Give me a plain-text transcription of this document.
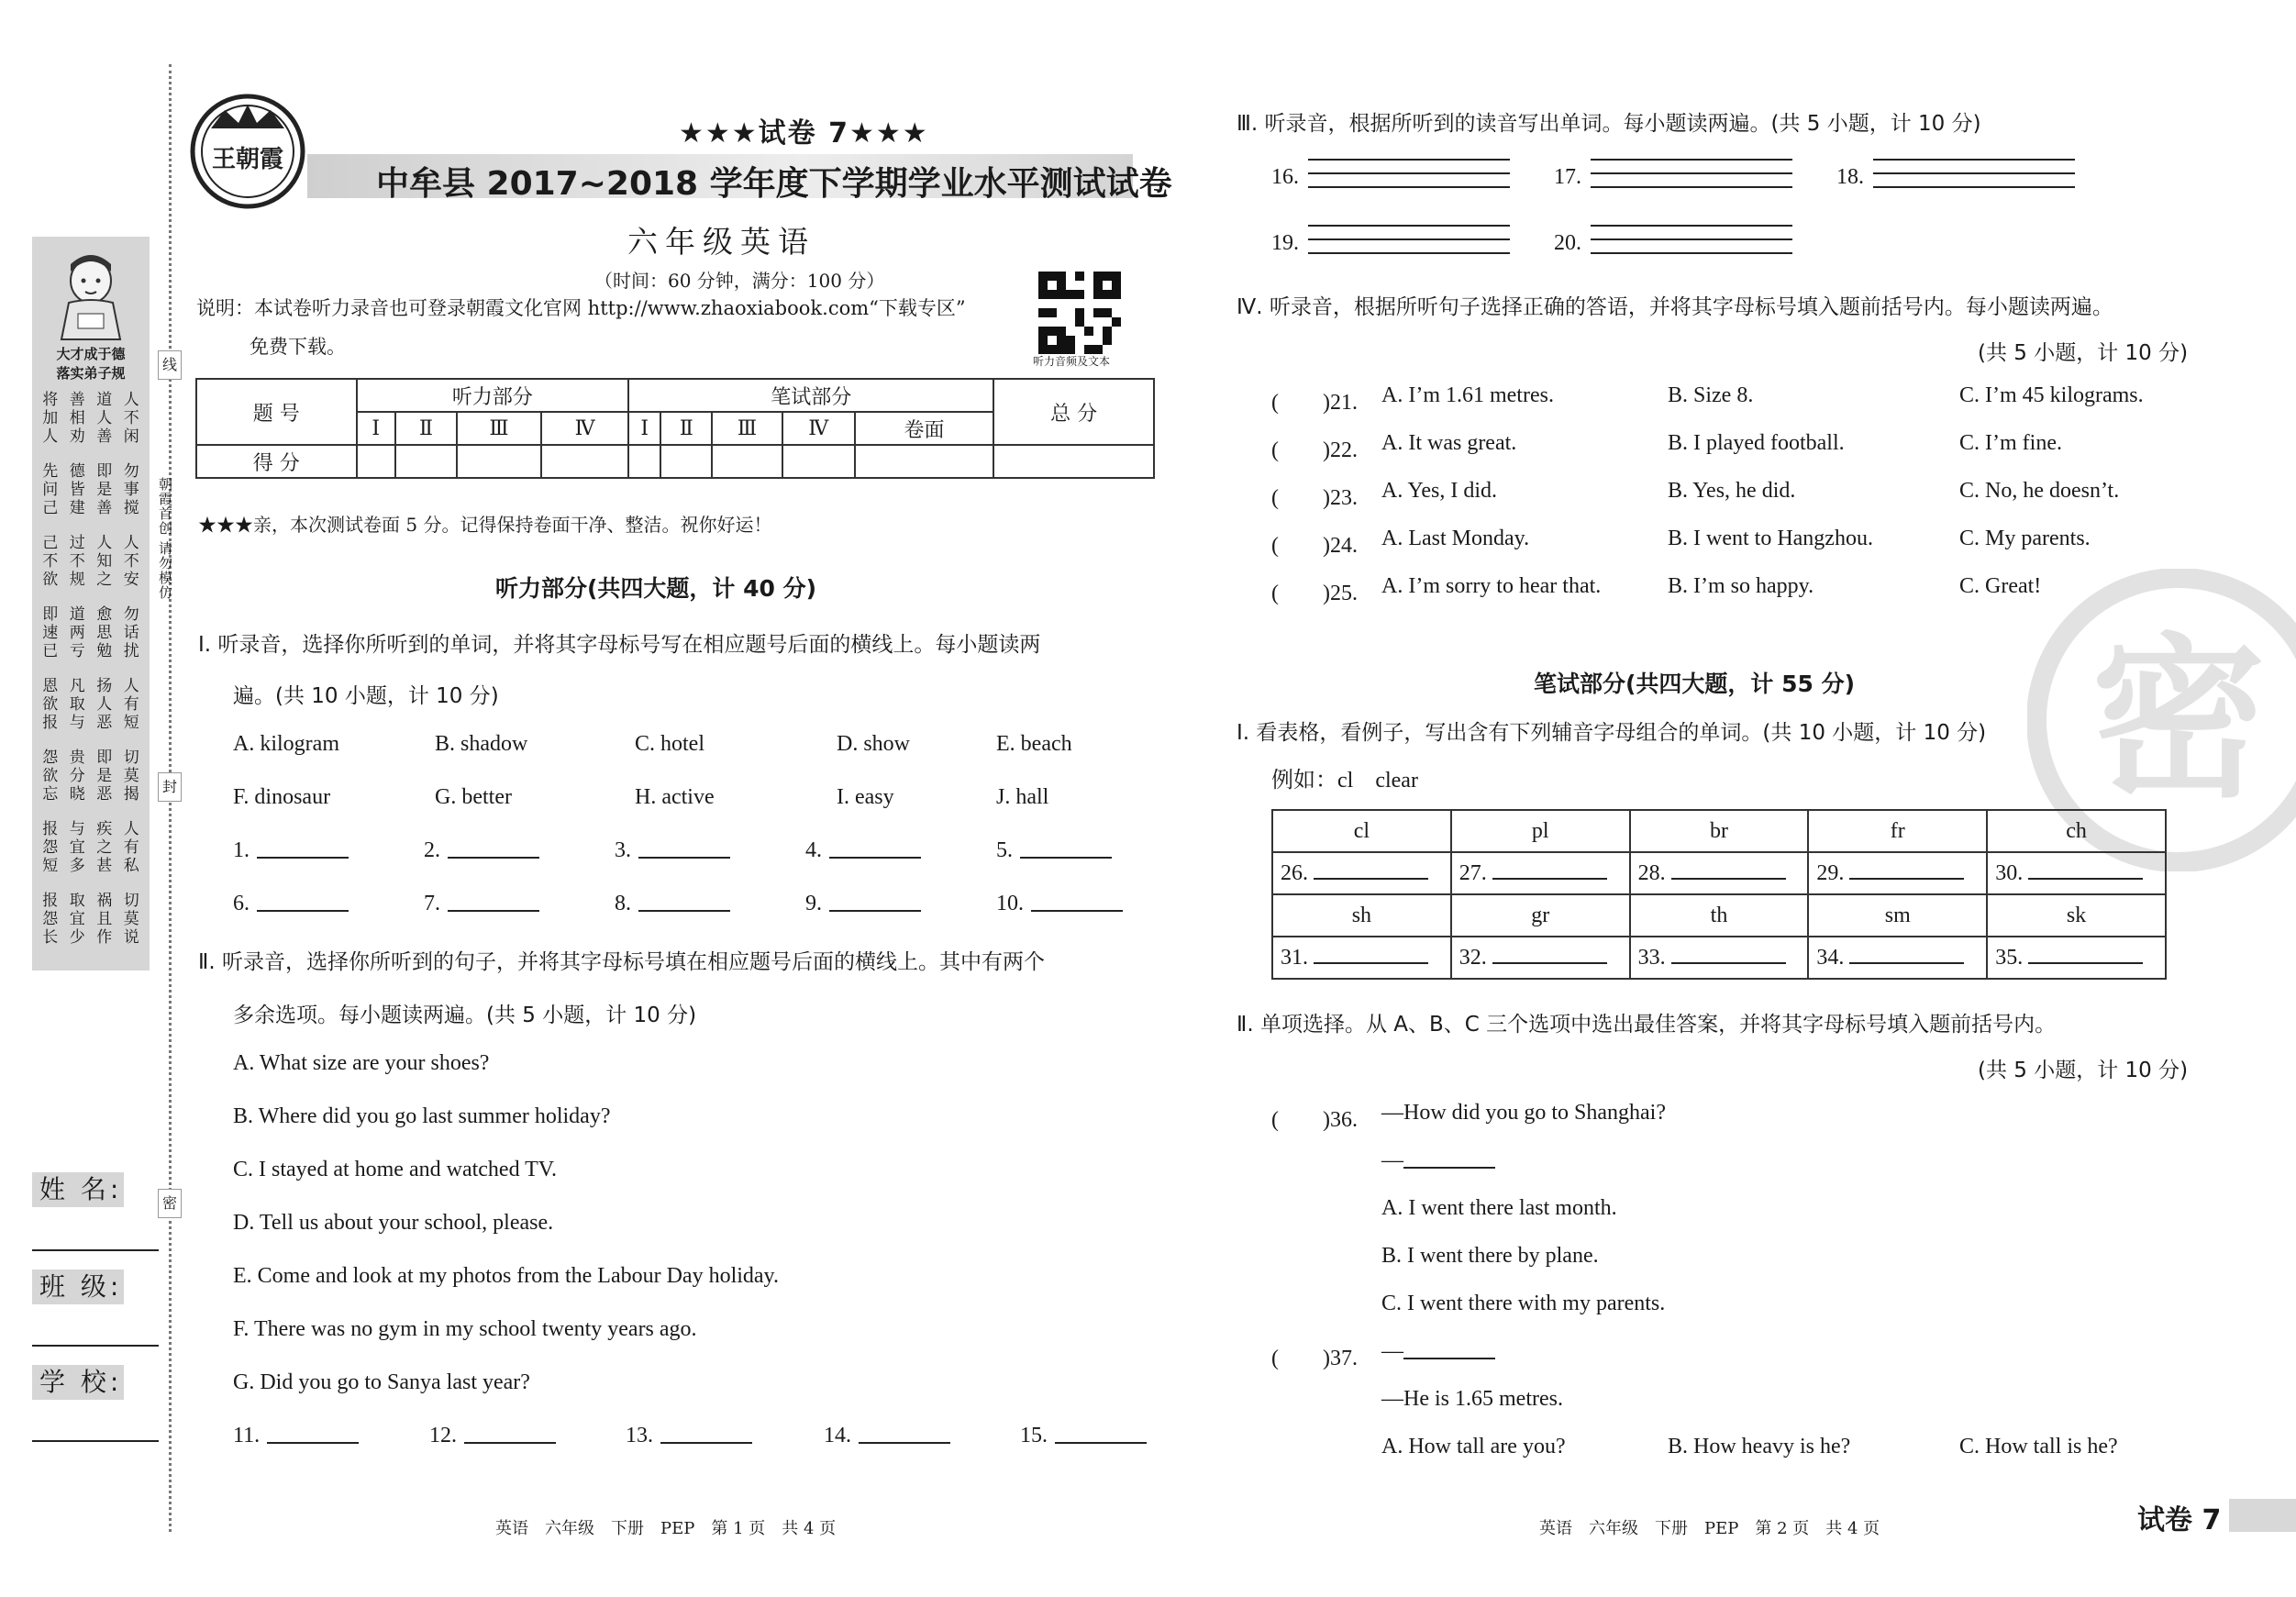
大才成于德
落实弟子规
将 善 道 人
加 相 人 不
人 劝 善 闲
先 德 即 勿
问 皆 是 事
己 建 善 搅
己 过 人 人
不 不 知 不
欲 规 之 安
即 道 愈 勿
速 两 思 话
已 亏 勉 扰
恩 凡 扬 人
欲 取 人 有
报 与 恶 短
怨 贵 即 切
欲 分 是 莫
忘 晓 恶 揭
报 与 疾 人
怨 宜 之 有
短 多 甚 私
报 取 祸 切
怨 宜 且 莫
长 少 作 说
线
封
密
朝霞首创 请勿模仿
姓 名:
班 级:
学 校:
王朝霞
★★★试卷 7★★★
中牟县 2017~2018 学年度下学期学业水平测试试卷
六年级英语
（时间：60 分钟，满分：100 分）
说明：本试卷听力录音也可登录朝霞文化官网 http://www.zhaoxiabook.com“下载专区”
免费下载。
听力音频及文本
题 号	听力部分				笔试部分					总 分
	Ⅰ	Ⅱ	Ⅲ	Ⅳ	Ⅰ	Ⅱ	Ⅲ	Ⅳ	卷面	
得 分										
★★★亲，本次测试卷面 5 分。记得保持卷面干净、整洁。祝你好运！
听力部分(共四大题，计 40 分)
Ⅰ. 听录音，选择你所听到的单词，并将其字母标号写在相应题号后面的横线上。每小题读两
遍。(共 10 小题，计 10 分)
A. kilogram	B. shadow	C. hotel	D. show	E. beach
F. dinosaur	G. better	H. active	I. easy	J. hall
1.	2.	3.	4.	5.
6.	7.	8.	9.	10.
Ⅱ. 听录音，选择你所听到的句子，并将其字母标号填在相应题号后面的横线上。其中有两个
多余选项。每小题读两遍。(共 5 小题，计 10 分)
A. What size are your shoes?
B. Where did you go last summer holiday?
C. I stayed at home and watched TV.
D. Tell us about your school, please.
E. Come and look at my photos from the Labour Day holiday.
F. There was no gym in my school twenty years ago.
G. Did you go to Sanya last year?
11.	12.	13.	14.	15.
英语　六年级　下册　PEP　第 1 页　共 4 页
密
Ⅲ. 听录音，根据所听到的读音写出单词。每小题读两遍。(共 5 小题，计 10 分)
16.	17.	18.
19.	20.
Ⅳ. 听录音，根据所听句子选择正确的答语，并将其字母标号填入题前括号内。每小题读两遍。
(共 5 小题，计 10 分)
(　　)21. A. I’m 1.61 metres.	B. Size 8.	C. I’m 45 kilograms.
(　　)22. A. It was great.	B. I played football.	C. I’m fine.
(　　)23. A. Yes, I did.	B. Yes, he did.	C. No, he doesn’t.
(　　)24. A. Last Monday.	B. I went to Hangzhou.	C. My parents.
(　　)25. A. I’m sorry to hear that.	B. I’m so happy.	C. Great!
笔试部分(共四大题，计 55 分)
Ⅰ. 看表格，看例子，写出含有下列辅音字母组合的单词。(共 10 小题，计 10 分)
例如：cl　clear
cl	pl	br	fr	ch
26.	27.	28.	29.	30.
sh	gr	th	sm	sk
31.	32.	33.	34.	35.
Ⅱ. 单项选择。从 A、B、C 三个选项中选出最佳答案，并将其字母标号填入题前括号内。
(共 5 小题，计 10 分)
(　　)36. —How did you go to Shanghai?
—
A. I went there last month.
B. I went there by plane.
C. I went there with my parents.
(　　)37. —
—He is 1.65 metres.
A. How tall are you?	B. How heavy is he?	C. How tall is he?
英语　六年级　下册　PEP　第 2 页　共 4 页	试卷 7
